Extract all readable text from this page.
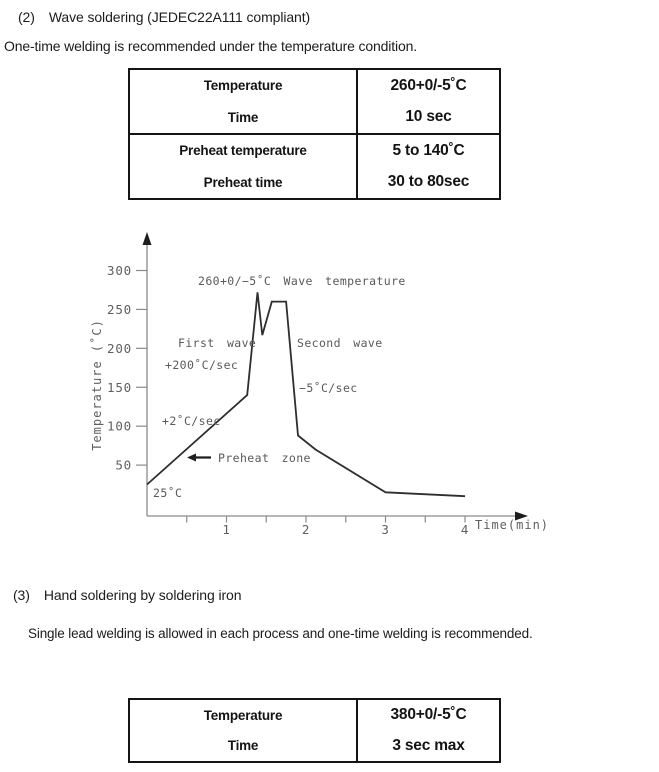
(2) Wave soldering (JEDEC22A111 compliant)
One-time welding is recommended under the temperature condition.
Temperature	260+0/-5˚C
Time	10 sec
Preheat temperature	5 to 140˚C
Preheat time	30 to 80sec
50
100
150
200
250
300
1	2	3	4 Time(min)
Temperature (˚C)
260+0/−5˚C Wave temperature
First wave
+200˚C/sec
Second wave
−5˚C/sec
+2˚C/sec
Preheat zone
25˚C
(3) Hand soldering by soldering iron
Single lead welding is allowed in each process and one-time welding is recommended.
Temperature	380+0/-5˚C
Time	3 sec max
